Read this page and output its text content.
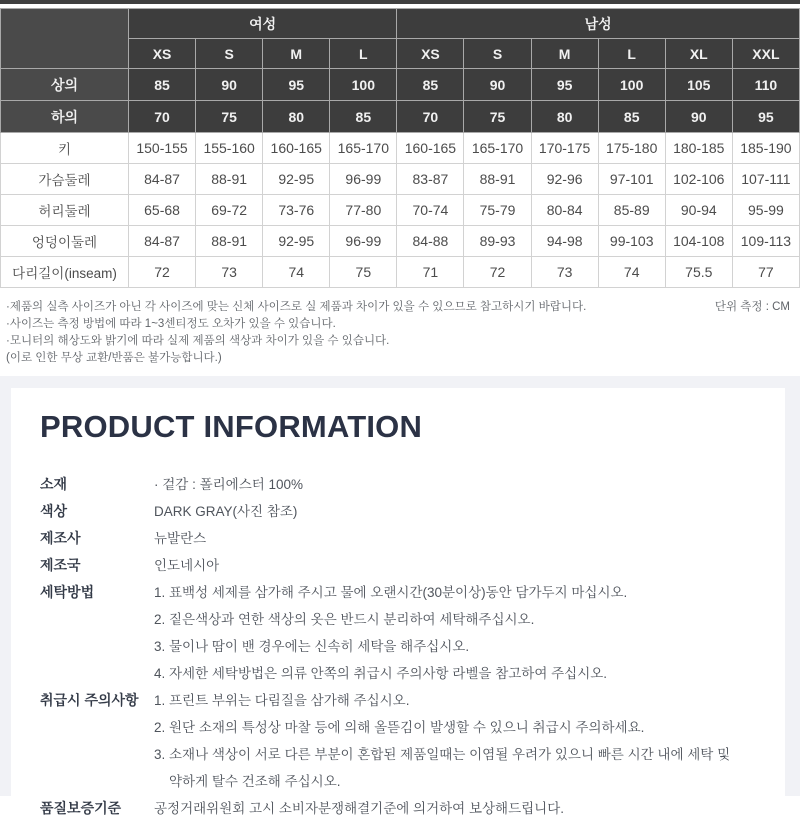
	여성				남성					
	XS	S	M	L	XS	S	M	L	XL	XXL
상의	85	90	95	100	85	90	95	100	105	110
하의	70	75	80	85	70	75	80	85	90	95
키	150-155	155-160	160-165	165-170	160-165	165-170	170-175	175-180	180-185	185-190
가슴둘레	84-87	88-91	92-95	96-99	83-87	88-91	92-96	97-101	102-106	107-111
허리둘레	65-68	69-72	73-76	77-80	70-74	75-79	80-84	85-89	90-94	95-99
엉덩이둘레	84-87	88-91	92-95	96-99	84-88	89-93	94-98	99-103	104-108	109-113
다리길이(inseam)	72	73	74	75	71	72	73	74	75.5	77
·제품의 실측 사이즈가 아닌 각 사이즈에 맞는 신체 사이즈로 실 제품과 차이가 있을 수 있으므로 참고하시기 바랍니다.	단위 측정 : CM
·사이즈는 측정 방법에 따라 1~3센티정도 오차가 있을 수 있습니다.
·모니터의 해상도와 밝기에 따라 실제 제품의 색상과 차이가 있을 수 있습니다.
(이로 인한 무상 교환/반품은 불가능합니다.)
PRODUCT INFORMATION
소재	· 겉감 : 폴리에스터 100%
색상	DARK GRAY(사진 참조)
제조사	뉴발란스
제조국	인도네시아
세탁방법	1. 표백성 세제를 삼가해 주시고 물에 오랜시간(30분이상)동안 담가두지 마십시오.
2. 짙은색상과 연한 색상의 옷은 반드시 분리하여 세탁해주십시오.
3. 물이나 땀이 밴 경우에는 신속히 세탁을 해주십시오.
4. 자세한 세탁방법은 의류 안쪽의 취급시 주의사항 라벨을 참고하여 주십시오.
취급시 주의사항	1. 프린트 부위는 다림질을 삼가해 주십시오.
2. 원단 소재의 특성상 마찰 등에 의해 올뜯김이 발생할 수 있으니 취급시 주의하세요.
3. 소재나 색상이 서로 다른 부분이 혼합된 제품일때는 이염될 우려가 있으니 빠른 시간 내에 세탁 및
약하게 탈수 건조해 주십시오.
품질보증기준	공정거래위원회 고시 소비자분쟁해결기준에 의거하여 보상해드립니다.
